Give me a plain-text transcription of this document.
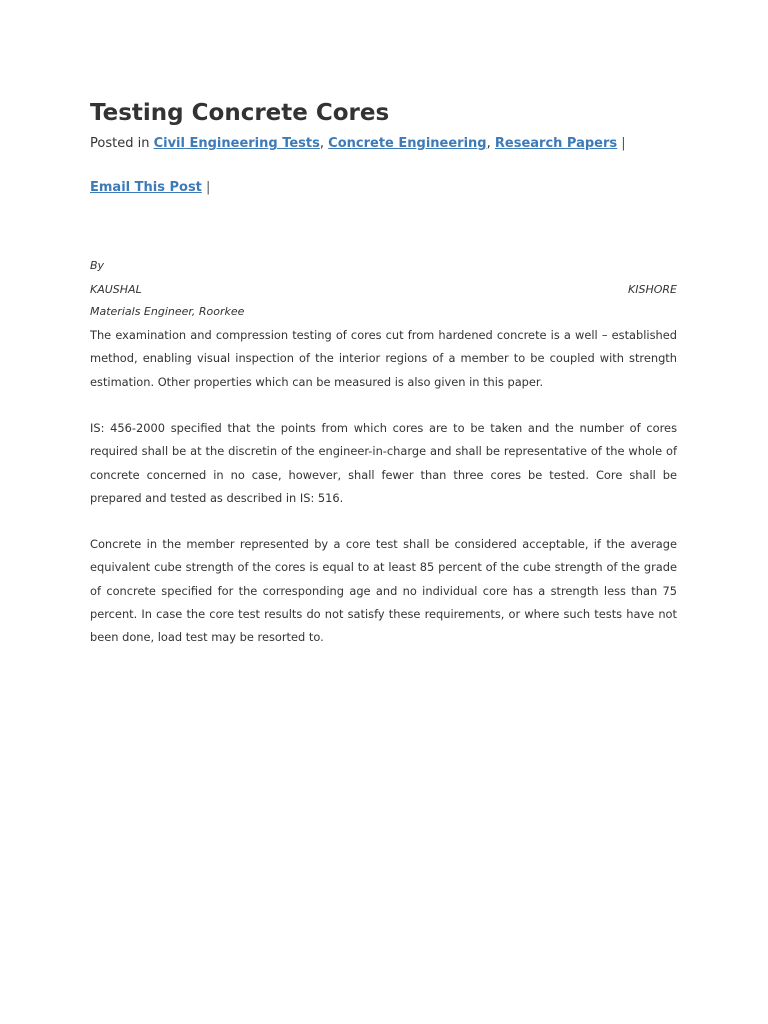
Testing Concrete Cores
Posted in Civil Engineering Tests, Concrete Engineering, Research Papers |
Email This Post |
By
KAUSHAL	KISHORE
Materials Engineer, Roorkee

The examination and compression testing of cores cut from hardened concrete is a well – established method, enabling visual inspection of the interior regions of a member to be coupled with strength estimation. Other properties which can be measured is also given in this paper.

IS: 456-2000 specified that the points from which cores are to be taken and the number of cores required shall be at the discretin of the engineer-in-charge and shall be representative of the whole of concrete concerned in no case, however, shall fewer than three cores be tested. Core shall be prepared and tested as described in IS: 516.

Concrete in the member represented by a core test shall be considered acceptable, if the average equivalent cube strength of the cores is equal to at least 85 percent of the cube strength of the grade of concrete specified for the corresponding age and no individual core has a strength less than 75 percent. In case the core test results do not satisfy these requirements, or where such tests have not been done, load test may be resorted to.
